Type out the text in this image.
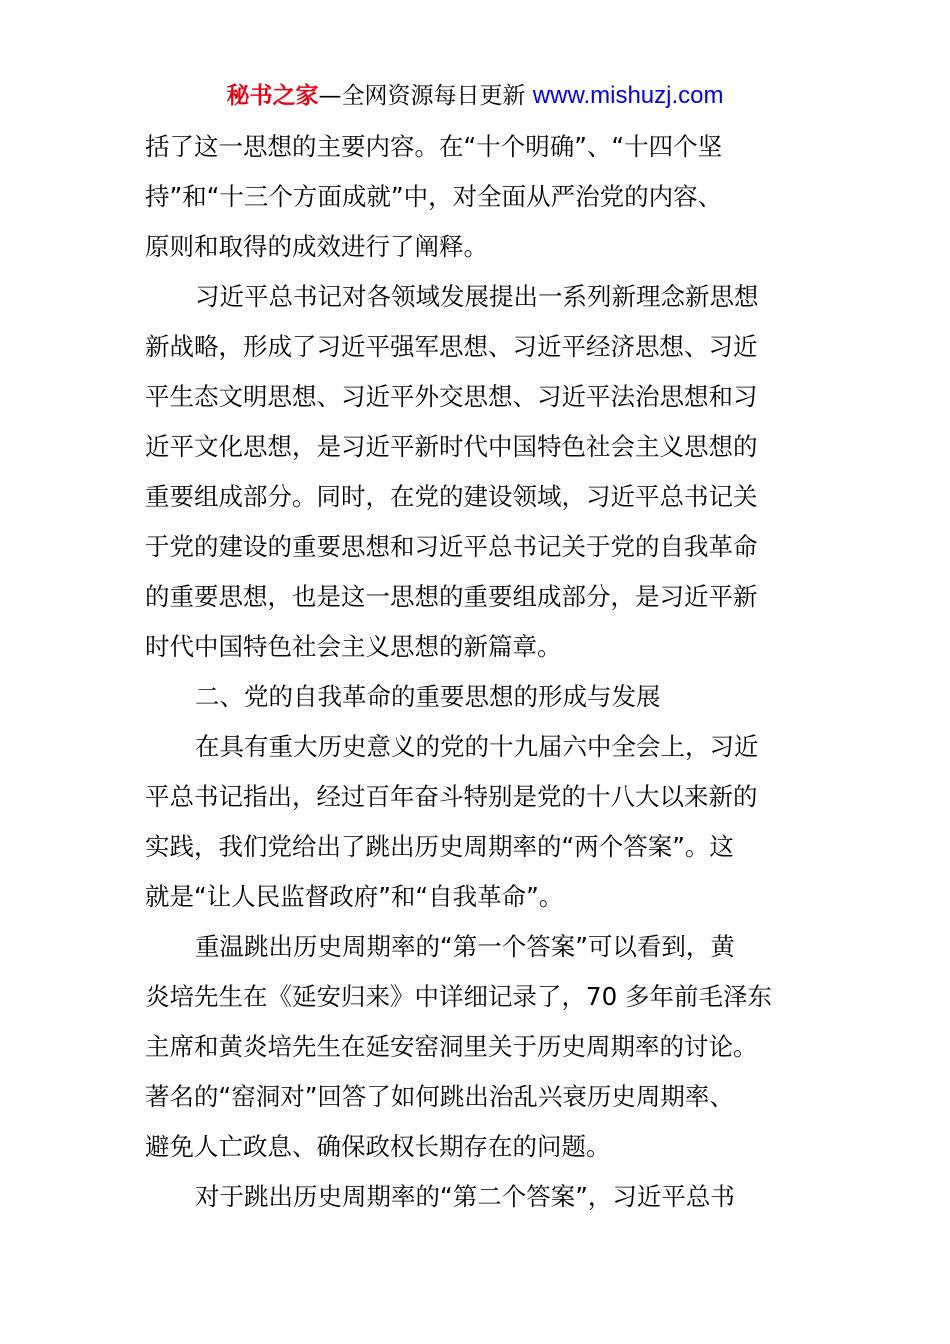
秘书之家—全网资源每日更新 www.mishuzj.com
括了这一思想的主要内容。在“十个明确”、“十四个坚
持”和“十三个方面成就”中，对全面从严治党的内容、
原则和取得的成效进行了阐释。
习近平总书记对各领域发展提出一系列新理念新思想
新战略，形成了习近平强军思想、习近平经济思想、习近
平生态文明思想、习近平外交思想、习近平法治思想和习
近平文化思想，是习近平新时代中国特色社会主义思想的
重要组成部分。同时，在党的建设领域，习近平总书记关
于党的建设的重要思想和习近平总书记关于党的自我革命
的重要思想，也是这一思想的重要组成部分，是习近平新
时代中国特色社会主义思想的新篇章。
二、党的自我革命的重要思想的形成与发展
在具有重大历史意义的党的十九届六中全会上，习近
平总书记指出，经过百年奋斗特别是党的十八大以来新的
实践，我们党给出了跳出历史周期率的“两个答案”。这
就是“让人民监督政府”和“自我革命”。
重温跳出历史周期率的“第一个答案”可以看到，黄
炎培先生在《延安归来》中详细记录了，70 多年前毛泽东
主席和黄炎培先生在延安窑洞里关于历史周期率的讨论。
著名的“窑洞对”回答了如何跳出治乱兴衰历史周期率、
避免人亡政息、确保政权长期存在的问题。
对于跳出历史周期率的“第二个答案”，习近平总书
